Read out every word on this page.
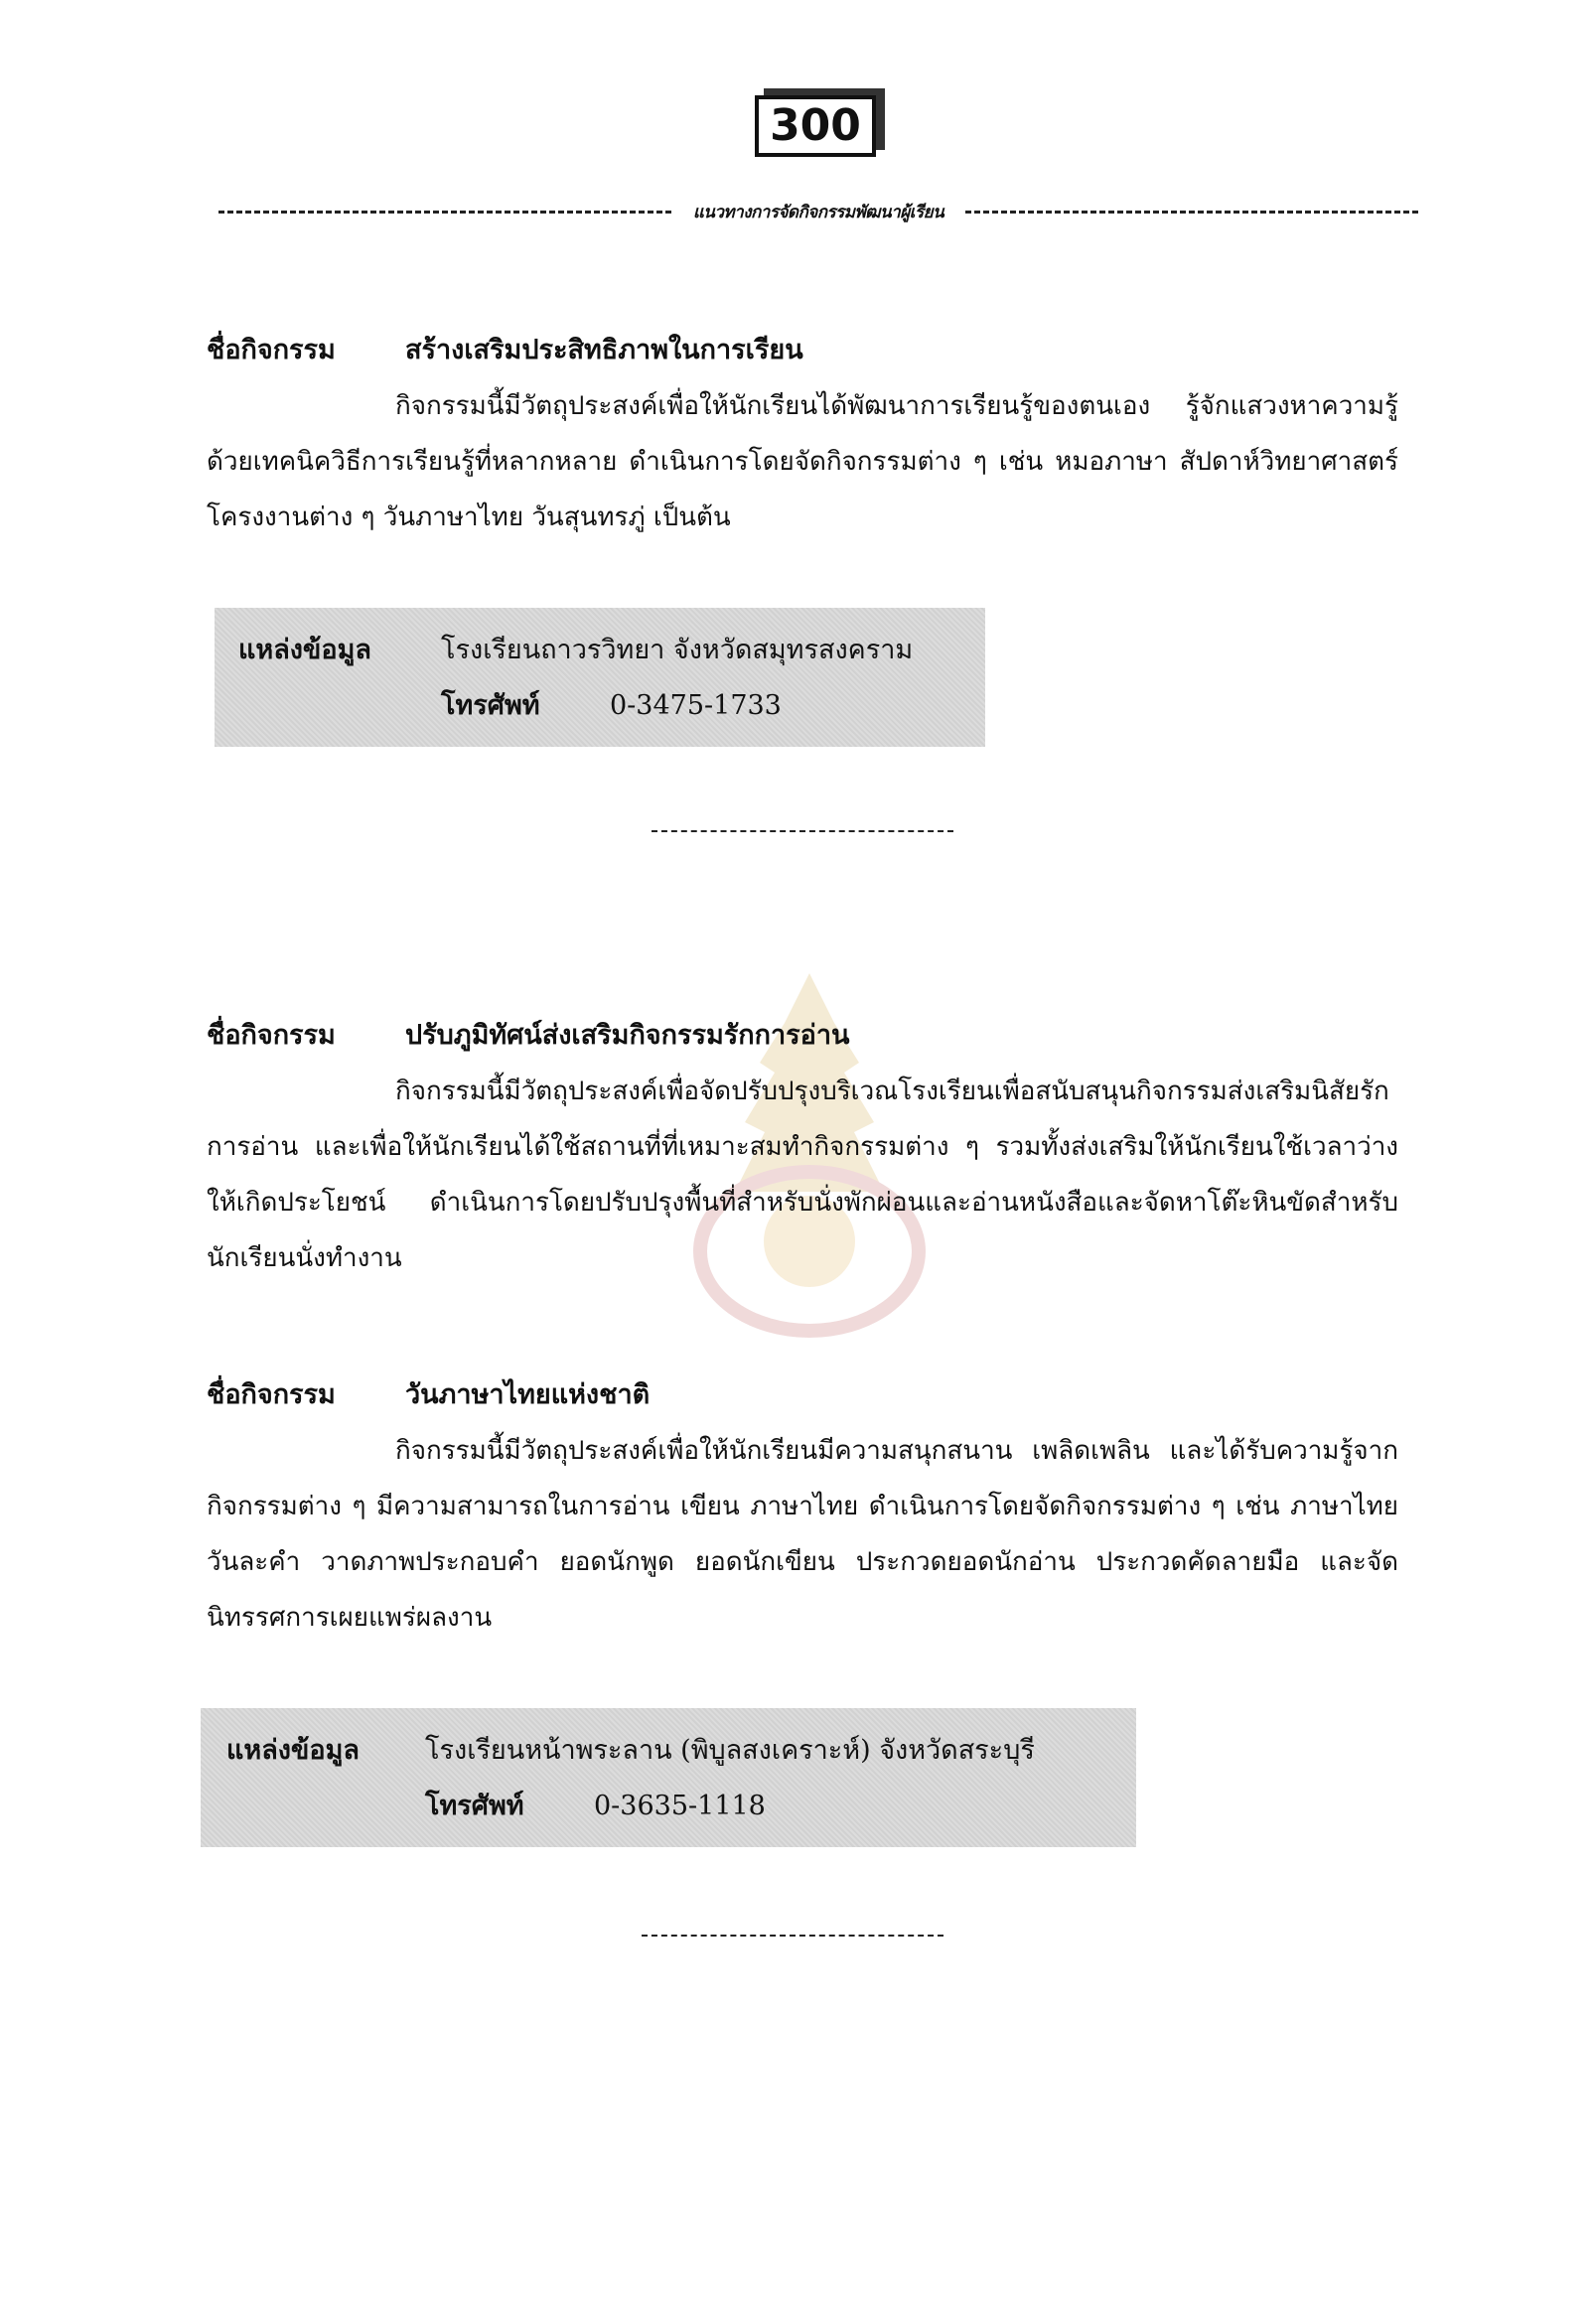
300
แนวทางการจัดกิจกรรมพัฒนาผู้เรียน
ชื่อกิจกรรม	สร้างเสริมประสิทธิภาพในการเรียน
กิจกรรมนี้มีวัตถุประสงค์เพื่อให้นักเรียนได้พัฒนาการเรียนรู้ของตนเอง รู้จักแสวงหาความรู้ด้วยเทคนิควิธีการเรียนรู้ที่หลากหลาย ดำเนินการโดยจัดกิจกรรมต่าง ๆ เช่น หมอภาษา สัปดาห์วิทยาศาสตร์ โครงงานต่าง ๆ วันภาษาไทย วันสุนทรภู่ เป็นต้น
แหล่งข้อมูล	โรงเรียนถาวรวิทยา จังหวัดสมุทรสงคราม
โทรศัพท์	0-3475-1733
ชื่อกิจกรรม	ปรับภูมิทัศน์ส่งเสริมกิจกรรมรักการอ่าน
กิจกรรมนี้มีวัตถุประสงค์เพื่อจัดปรับปรุงบริเวณโรงเรียนเพื่อสนับสนุนกิจกรรมส่งเสริมนิสัยรักการอ่าน และเพื่อให้นักเรียนได้ใช้สถานที่ที่เหมาะสมทำกิจกรรมต่าง ๆ รวมทั้งส่งเสริมให้นักเรียนใช้เวลาว่างให้เกิดประโยชน์ ดำเนินการโดยปรับปรุงพื้นที่สำหรับนั่งพักผ่อนและอ่านหนังสือและจัดหาโต๊ะหินขัดสำหรับนักเรียนนั่งทำงาน
ชื่อกิจกรรม	วันภาษาไทยแห่งชาติ
กิจกรรมนี้มีวัตถุประสงค์เพื่อให้นักเรียนมีความสนุกสนาน เพลิดเพลิน และได้รับความรู้จากกิจกรรมต่าง ๆ มีความสามารถในการอ่าน เขียน ภาษาไทย ดำเนินการโดยจัดกิจกรรมต่าง ๆ เช่น ภาษาไทยวันละคำ วาดภาพประกอบคำ ยอดนักพูด ยอดนักเขียน ประกวดยอดนักอ่าน ประกวดคัดลายมือ และจัดนิทรรศการเผยแพร่ผลงาน
แหล่งข้อมูล	โรงเรียนหน้าพระลาน (พิบูลสงเคราะห์) จังหวัดสระบุรี
โทรศัพท์	0-3635-1118
